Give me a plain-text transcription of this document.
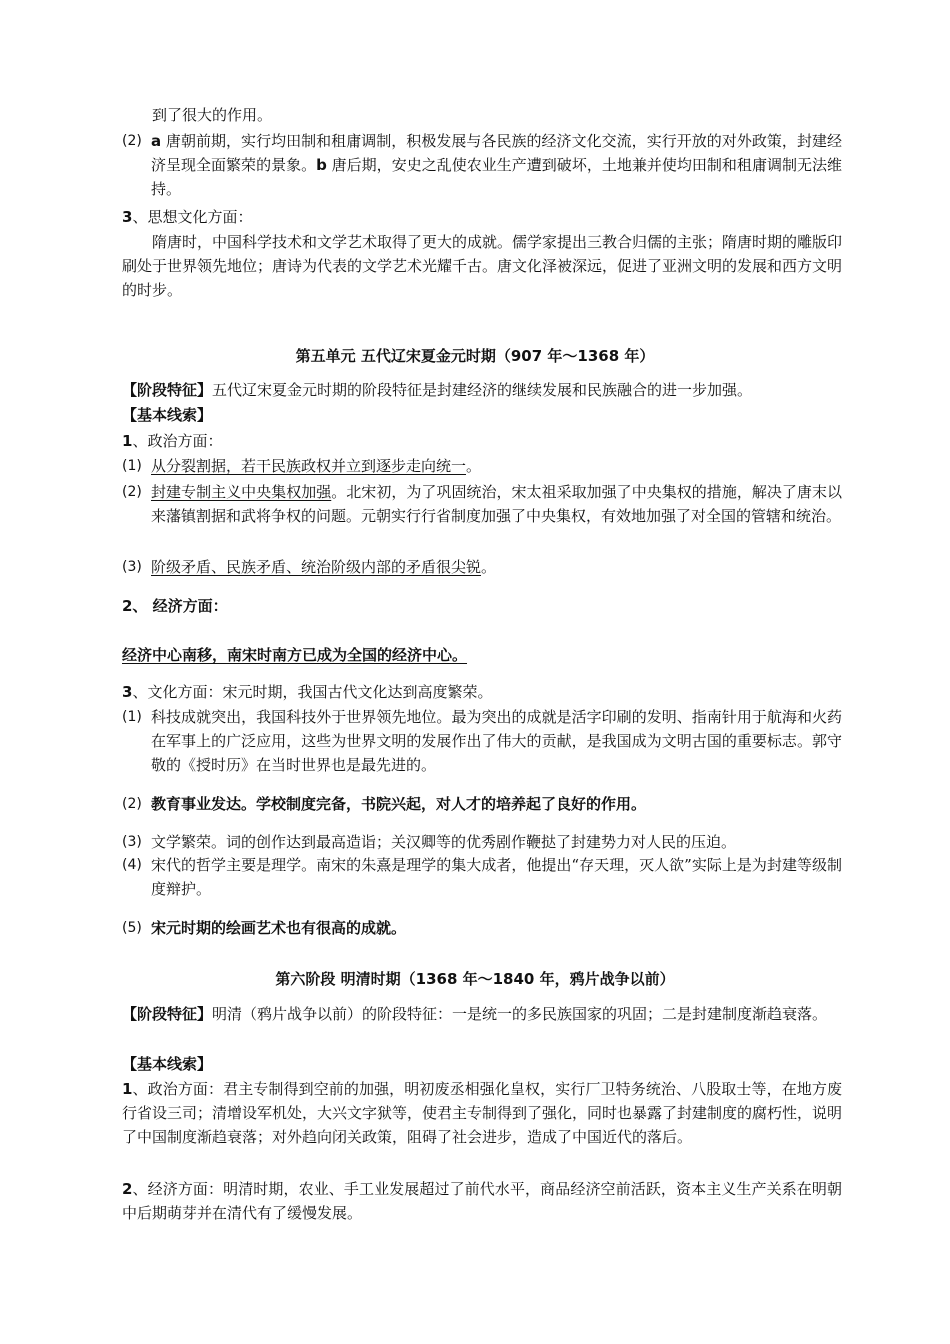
到了很大的作用。
(2) a 唐朝前期，实行均田制和租庸调制，积极发展与各民族的经济文化交流，实行开放的对外政策，封建经济呈现全面繁荣的景象。b 唐后期，安史之乱使农业生产遭到破坏，土地兼并使均田制和租庸调制无法维持。
3、思想文化方面：
隋唐时，中国科学技术和文学艺术取得了更大的成就。儒学家提出三教合归儒的主张；隋唐时期的雕版印刷处于世界领先地位；唐诗为代表的文学艺术光耀千古。唐文化泽被深远，促进了亚洲文明的发展和西方文明的时步。
第五单元 五代辽宋夏金元时期（907 年～1368 年）
【阶段特征】五代辽宋夏金元时期的阶段特征是封建经济的继续发展和民族融合的进一步加强。
【基本线索】
1、政治方面：
(1) 从分裂割据，若干民族政权并立到逐步走向统一。
(2) 封建专制主义中央集权加强。北宋初，为了巩固统治，宋太祖采取加强了中央集权的措施，解决了唐末以来藩镇割据和武将争权的问题。元朝实行行省制度加强了中央集权，有效地加强了对全国的管辖和统治。
(3) 阶级矛盾、民族矛盾、统治阶级内部的矛盾很尖锐。
2、 经济方面：
经济中心南移，南宋时南方已成为全国的经济中心。
3、文化方面：宋元时期，我国古代文化达到高度繁荣。
(1) 科技成就突出，我国科技外于世界领先地位。最为突出的成就是活字印刷的发明、指南针用于航海和火药在军事上的广泛应用，这些为世界文明的发展作出了伟大的贡献，是我国成为文明古国的重要标志。郭守敬的《授时历》在当时世界也是最先进的。
(2) 教育事业发达。学校制度完备，书院兴起，对人才的培养起了良好的作用。
(3) 文学繁荣。词的创作达到最高造诣；关汉卿等的优秀剧作鞭挞了封建势力对人民的压迫。
(4) 宋代的哲学主要是理学。南宋的朱熹是理学的集大成者，他提出“存天理，灭人欲”实际上是为封建等级制度辩护。
(5) 宋元时期的绘画艺术也有很高的成就。
第六阶段 明清时期（1368 年～1840 年，鸦片战争以前）
【阶段特征】明清（鸦片战争以前）的阶段特征：一是统一的多民族国家的巩固；二是封建制度渐趋衰落。
【基本线索】
1、政治方面：君主专制得到空前的加强，明初废丞相强化皇权，实行厂卫特务统治、八股取士等，在地方废行省设三司；清增设军机处，大兴文字狱等，使君主专制得到了强化，同时也暴露了封建制度的腐朽性，说明了中国制度渐趋衰落；对外趋向闭关政策，阻碍了社会进步，造成了中国近代的落后。
2、经济方面：明清时期，农业、手工业发展超过了前代水平，商品经济空前活跃，资本主义生产关系在明朝中后期萌芽并在清代有了缓慢发展。
